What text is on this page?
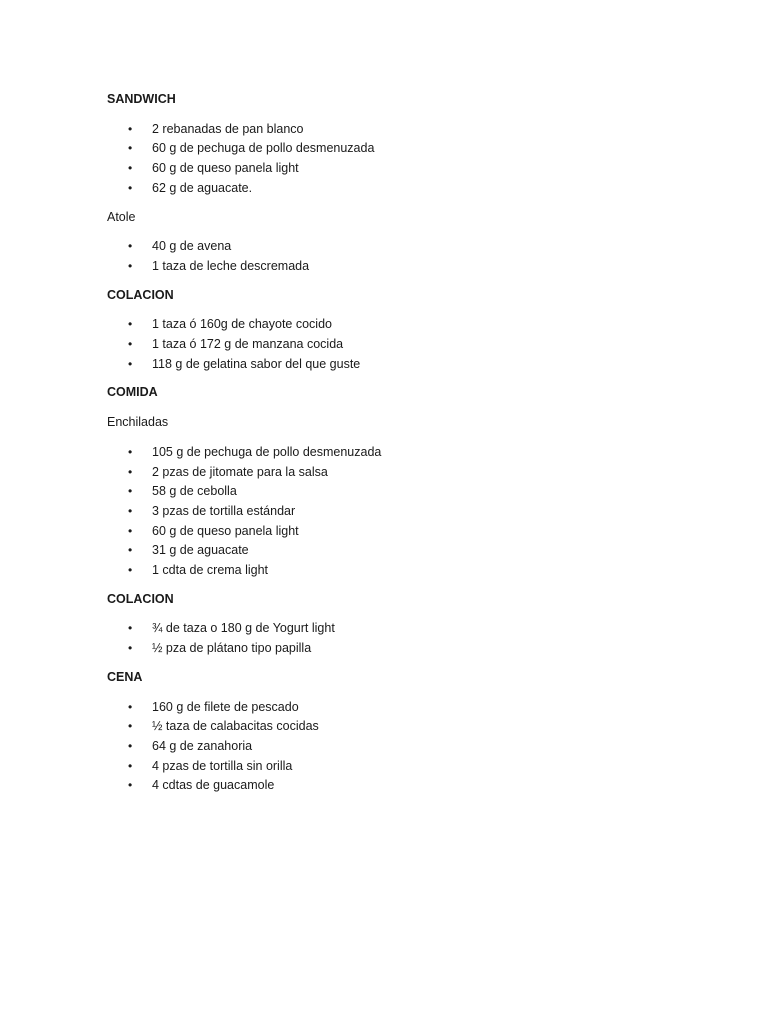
SANDWICH
• 2 rebanadas de pan blanco
• 60 g de pechuga de pollo desmenuzada
• 60 g de queso panela light
• 62 g de aguacate.
Atole
• 40 g de avena
• 1 taza de leche descremada
COLACION
• 1 taza ó 160g de chayote cocido
• 1 taza ó 172 g de manzana cocida
• 118 g de gelatina sabor del que guste
COMIDA
Enchiladas
• 105 g de pechuga de pollo desmenuzada
• 2 pzas de jitomate para la salsa
• 58 g de cebolla
• 3 pzas de tortilla estándar
• 60 g de queso panela light
• 31 g de aguacate
• 1 cdta de crema light
COLACION
• ¾ de taza o 180 g de Yogurt light
• ½ pza de plátano tipo papilla
CENA
• 160 g de filete de pescado
• ½ taza de calabacitas cocidas
• 64 g de zanahoria
• 4 pzas de tortilla sin orilla
• 4 cdtas de guacamole
